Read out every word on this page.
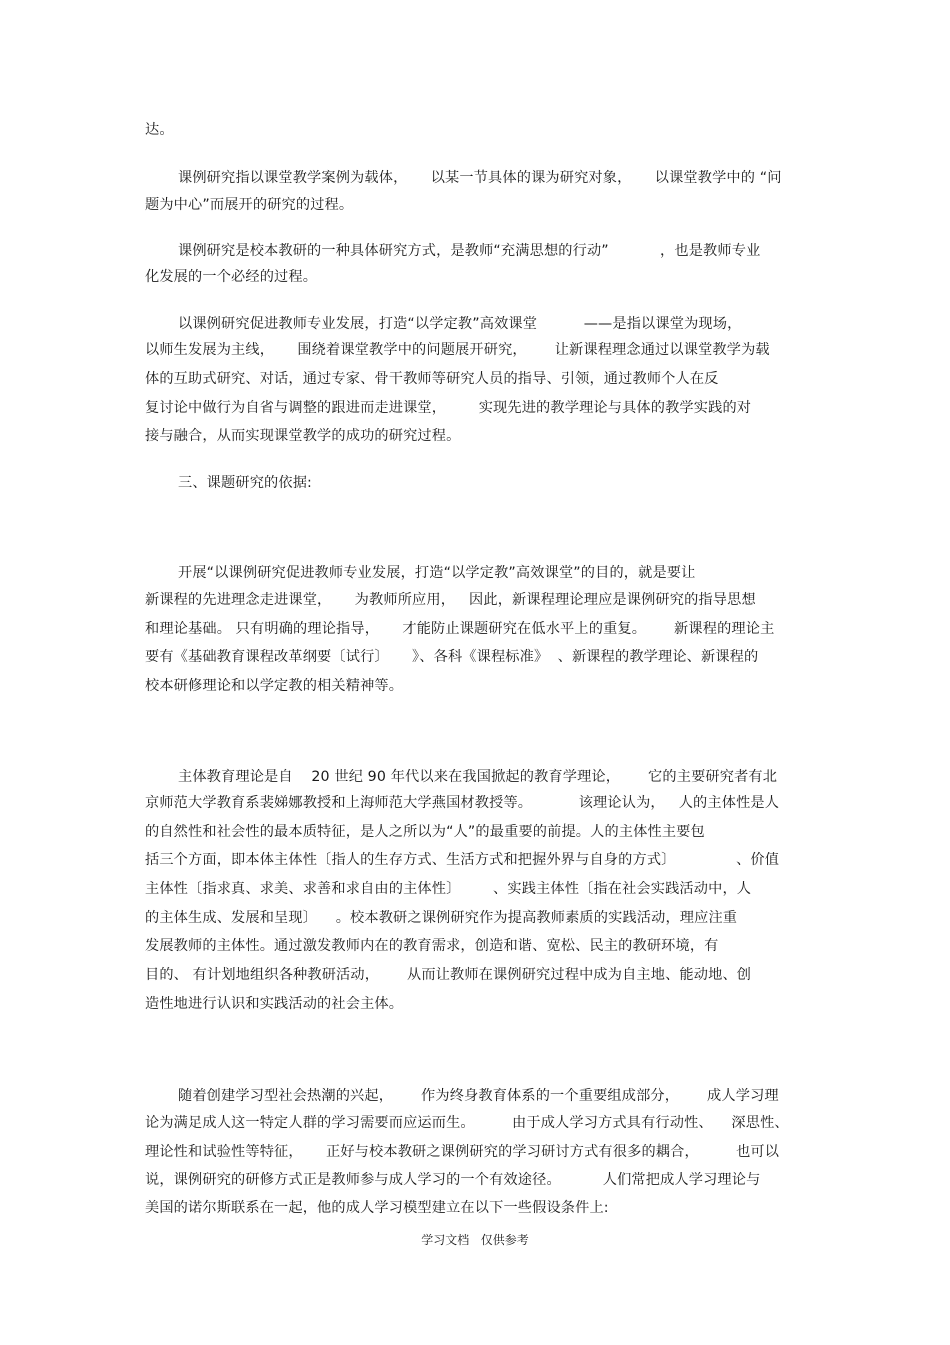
达。
课例研究指以课堂教学案例为载体，     以某一节具体的课为研究对象，     以课堂教学中的 “问
题为中心”而展开的研究的过程。
课例研究是校本教研的一种具体研究方式，是教师“充满思想的行动”           ，也是教师专业
化发展的一个必经的过程。
以课例研究促进教师专业发展，打造“以学定教”高效课堂          ——是指以课堂为现场，
以师生发展为主线，     围绕着课堂教学中的问题展开研究，      让新课程理念通过以课堂教学为载
体的互助式研究、对话，通过专家、骨干教师等研究人员的指导、引领，通过教师个人在反
复讨论中做行为自省与调整的跟进而走进课堂，       实现先进的教学理论与具体的教学实践的对
接与融合，从而实现课堂教学的成功的研究过程。
三、课题研究的依据:
开展“以课例研究促进教师专业发展，打造“以学定教”高效课堂”的目的，就是要让
新课程的先进理念走进课堂，     为教师所应用，   因此，新课程理论理应是课例研究的指导思想
和理论基础。 只有明确的理论指导，     才能防止课题研究在低水平上的重复。      新课程的理论主
要有《基础教育课程改革纲要〔试行〕     》、各科《课程标准》  、新课程的教学理论、新课程的
校本研修理论和以学定教的相关精神等。
主体教育理论是自    20 世纪 90 年代以来在我国掀起的教育学理论，      它的主要研究者有北
京师范大学教育系裴娣娜教授和上海师范大学燕国材教授等。          该理论认为，   人的主体性是人
的自然性和社会性的最本质特征，是人之所以为“人”的最重要的前提。人的主体性主要包
括三个方面，即本体主体性〔指人的生存方式、生活方式和把握外界与自身的方式〕             、价值
主体性〔指求真、求美、求善和求自由的主体性〕       、实践主体性〔指在社会实践活动中，人
的主体生成、发展和呈现〕    。校本教研之课例研究作为提高教师素质的实践活动，理应注重
发展教师的主体性。通过激发教师内在的教育需求，创造和谐、宽松、民主的教研环境，有
目的、 有计划地组织各种教研活动，      从而让教师在课例研究过程中成为自主地、能动地、创
造性地进行认识和实践活动的社会主体。
随着创建学习型社会热潮的兴起，      作为终身教育体系的一个重要组成部分，      成人学习理
论为满足成人这一特定人群的学习需要而应运而生。        由于成人学习方式具有行动性、    深思性、
理论性和试验性等特征，     正好与校本教研之课例研究的学习研讨方式有很多的耦合，        也可以
说，课例研究的研修方式正是教师参与成人学习的一个有效途径。         人们常把成人学习理论与
美国的诺尔斯联系在一起，他的成人学习模型建立在以下一些假设条件上:
学习文档   仅供参考
